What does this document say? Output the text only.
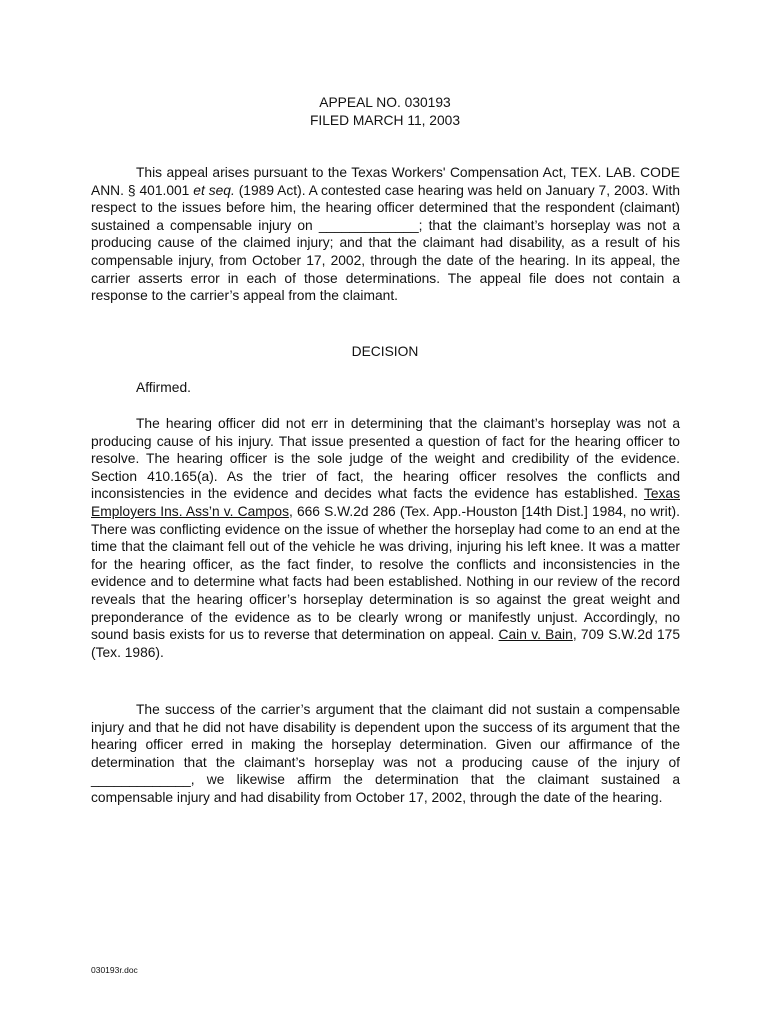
APPEAL NO. 030193
FILED MARCH 11, 2003

This appeal arises pursuant to the Texas Workers' Compensation Act, TEX. LAB. CODE ANN. § 401.001 et seq. (1989 Act). A contested case hearing was held on January 7, 2003. With respect to the issues before him, the hearing officer determined that the respondent (claimant) sustained a compensable injury on _____________; that the claimant’s horseplay was not a producing cause of the claimed injury; and that the claimant had disability, as a result of his compensable injury, from October 17, 2002, through the date of the hearing. In its appeal, the carrier asserts error in each of those determinations. The appeal file does not contain a response to the carrier’s appeal from the claimant.

DECISION

Affirmed.

The hearing officer did not err in determining that the claimant’s horseplay was not a producing cause of his injury. That issue presented a question of fact for the hearing officer to resolve. The hearing officer is the sole judge of the weight and credibility of the evidence. Section 410.165(a). As the trier of fact, the hearing officer resolves the conflicts and inconsistencies in the evidence and decides what facts the evidence has established. Texas Employers Ins. Ass’n v. Campos, 666 S.W.2d 286 (Tex. App.-Houston [14th Dist.] 1984, no writ). There was conflicting evidence on the issue of whether the horseplay had come to an end at the time that the claimant fell out of the vehicle he was driving, injuring his left knee. It was a matter for the hearing officer, as the fact finder, to resolve the conflicts and inconsistencies in the evidence and to determine what facts had been established. Nothing in our review of the record reveals that the hearing officer’s horseplay determination is so against the great weight and preponderance of the evidence as to be clearly wrong or manifestly unjust. Accordingly, no sound basis exists for us to reverse that determination on appeal. Cain v. Bain, 709 S.W.2d 175 (Tex. 1986).

The success of the carrier’s argument that the claimant did not sustain a compensable injury and that he did not have disability is dependent upon the success of its argument that the hearing officer erred in making the horseplay determination. Given our affirmance of the determination that the claimant’s horseplay was not a producing cause of the injury of _____________, we likewise affirm the determination that the claimant sustained a compensable injury and had disability from October 17, 2002, through the date of the hearing.

030193r.doc
